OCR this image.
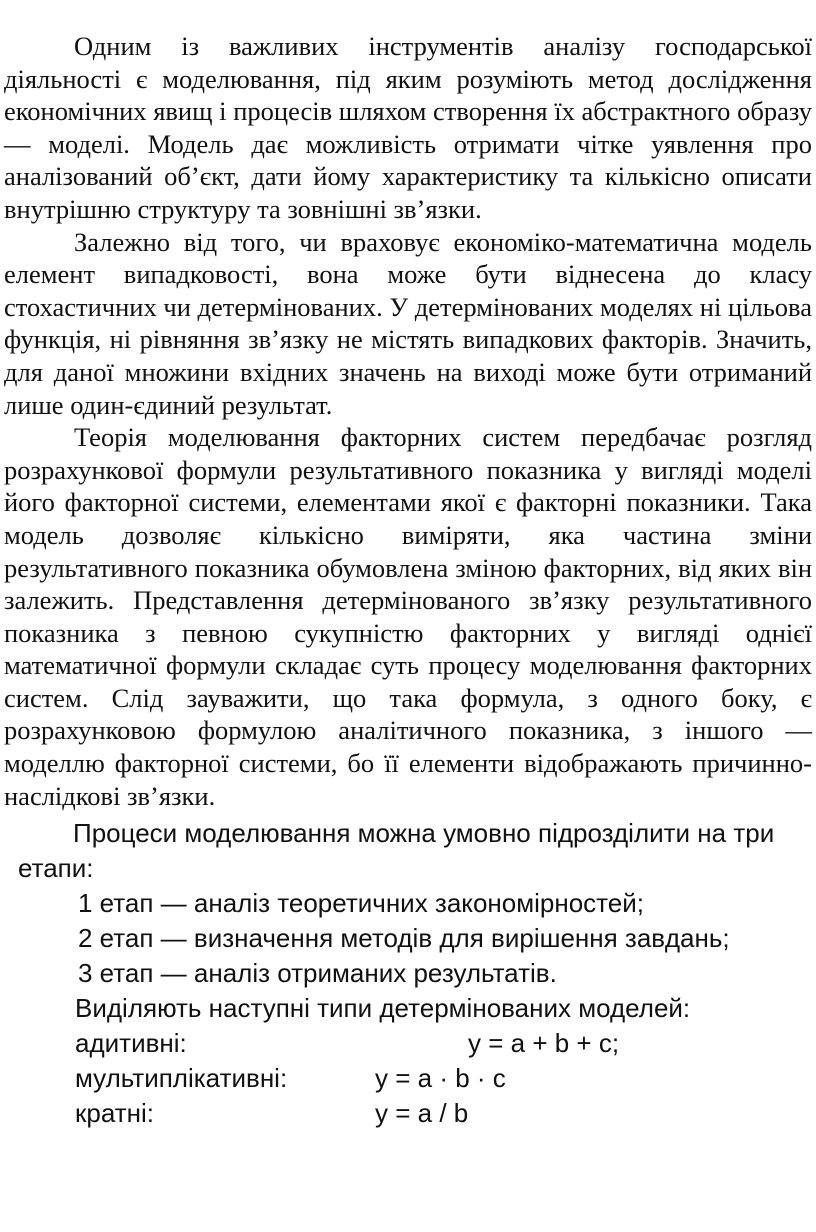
Одним із важливих інструментів аналізу господарської діяльності є моделювання, під яким розуміють метод дослідження економічних явищ і процесів шляхом створення їх абстрактного образу — моделі. Модель дає можливість отримати чітке уявлення про аналізований об’єкт, дати йому характеристику та кількісно описати внутрішню структуру та зовнішні зв’язки.

Залежно від того, чи враховує економіко-математична модель елемент випадковості, вона може бути віднесена до класу стохастичних чи детермінованих. У детермінованих моделях ні цільова функція, ні рівняння зв’язку не містять випадкових факторів. Значить, для даної множини вхідних значень на виході може бути отриманий лише один-єдиний результат.

Теорія моделювання факторних систем передбачає розгляд розрахункової формули результативного показника у вигляді моделі його факторної системи, елементами якої є факторні показники. Така модель дозволяє кількісно виміряти, яка частина зміни результативного показника обумовлена зміною факторних, від яких він залежить. Представлення детермінованого зв’язку результативного показника з певною сукупністю факторних у вигляді однієї математичної формули складає суть процесу моделювання факторних систем. Слід зауважити, що така формула, з одного боку, є розрахунковою формулою аналітичного показника, з іншого — моделлю факторної системи, бо її елементи відображають причинно-наслідкові зв’язки.

Процеси моделювання можна умовно підрозділити на три
етапи:
1 етап — аналіз теоретичних закономірностей;
2 етап — визначення методів для вирішення завдань;
3 етап — аналіз отриманих результатів.
Виділяють наступні типи детермінованих моделей:
адитивні:	y = a + b + c;
мультиплікативні:	y = a · b · c
кратні:	y = a / b
